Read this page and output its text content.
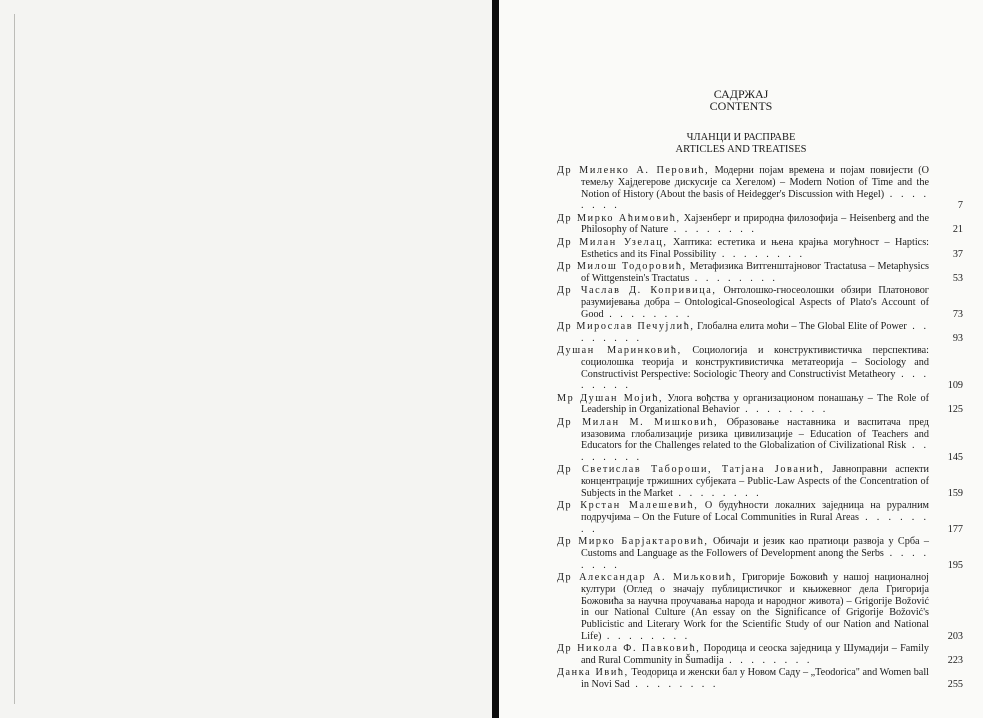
САДРЖАЈ
CONTENTS
ЧЛАНЦИ И РАСПРАВЕ
ARTICLES AND TREATISES
Др Миленко А. Перовић, Модерни појам времена и појам повијести (О темељу Хајдегерове дискусије са Хегелом) – Modern Notion of Time and the Notion of History (About the basis of Heidegger's Discussion with Hegel) . . . . . . . .	7
Др Мирко Аћимовић, Хајзенберг и природна филозофија – Heisenberg and the Philosophy of Nature . . . . . . . .	21
Др Милан Узелац, Хаптика: естетика и њена крајња могућност – Haptics: Esthetics and its Final Possibility . . . . . . . .	37
Др Милош Тодоровић, Метафизика Витгенштајновог Tractatusa – Metaphysics of Wittgenstein's Tractatus . . . . . . . .	53
Др Часлав Д. Копривица, Онтолошко-гносеолошки обзири Платоновог разумијевања добра – Ontological-Gnoseological Aspects of Plato's Account of Good . . . . . . . .	73
Др Мирослав Печујлић, Глобална елита моћи – The Global Elite of Power . . . . . . . .	93
Душан Маринковић, Социологија и конструктивистичка перспектива: социолошка теорија и конструктивистичка метатеорија – Sociology and Constructivist Perspective: Sociologic Theory and Constructivist Metatheory . . . . . . . .	109
Мр Душан Мојић, Улога вођства у организационом понашању – The Role of Leadership in Organizational Behavior . . . . . . . .	125
Др Милан М. Мишковић, Образовање наставника и васпитача пред изазовима глобализације ризика цивилизације – Education of Teachers and Educators for the Challenges related to the Globalization of Civilizational Risk . . . . . . . .	145
Др Светислав Табороши, Татјана Јованић, Јавноправни аспекти концентрације тржишних субјеката – Public-Law Aspects of the Concentration of Subjects in the Market . . . . . . . .	159
Др Крстан Малешевић, О будућности локалних заједница на руралним подручјима – On the Future of Local Communities in Rural Areas . . . . . . . .	177
Др Мирко Барјактаровић, Обичаји и језик као пратиоци развоја у Срба – Customs and Language as the Followers of Development anong the Serbs . . . . . . . .	195
Др Александар А. Миљковић, Григорије Божовић у нашој националној култури (Оглед о значају публицистичког и књижевног дела Григорија Божовића за научна проучавања народа и народног живота) – Grigorije Božović in our National Culture (An essay on the Significance of Grigorije Božović's Publicistic and Literary Work for the Scientific Study of our Nation and National Life) . . . . . . . .	203
Др Никола Ф. Павковић, Породица и сеоска заједница у Шумадији – Family and Rural Community in Šumadija . . . . . . . .	223
Данка Ивић, Теодорица и женски бал у Новом Саду – „Teodorica" and Women ball in Novi Sad . . . . . . . .	255
